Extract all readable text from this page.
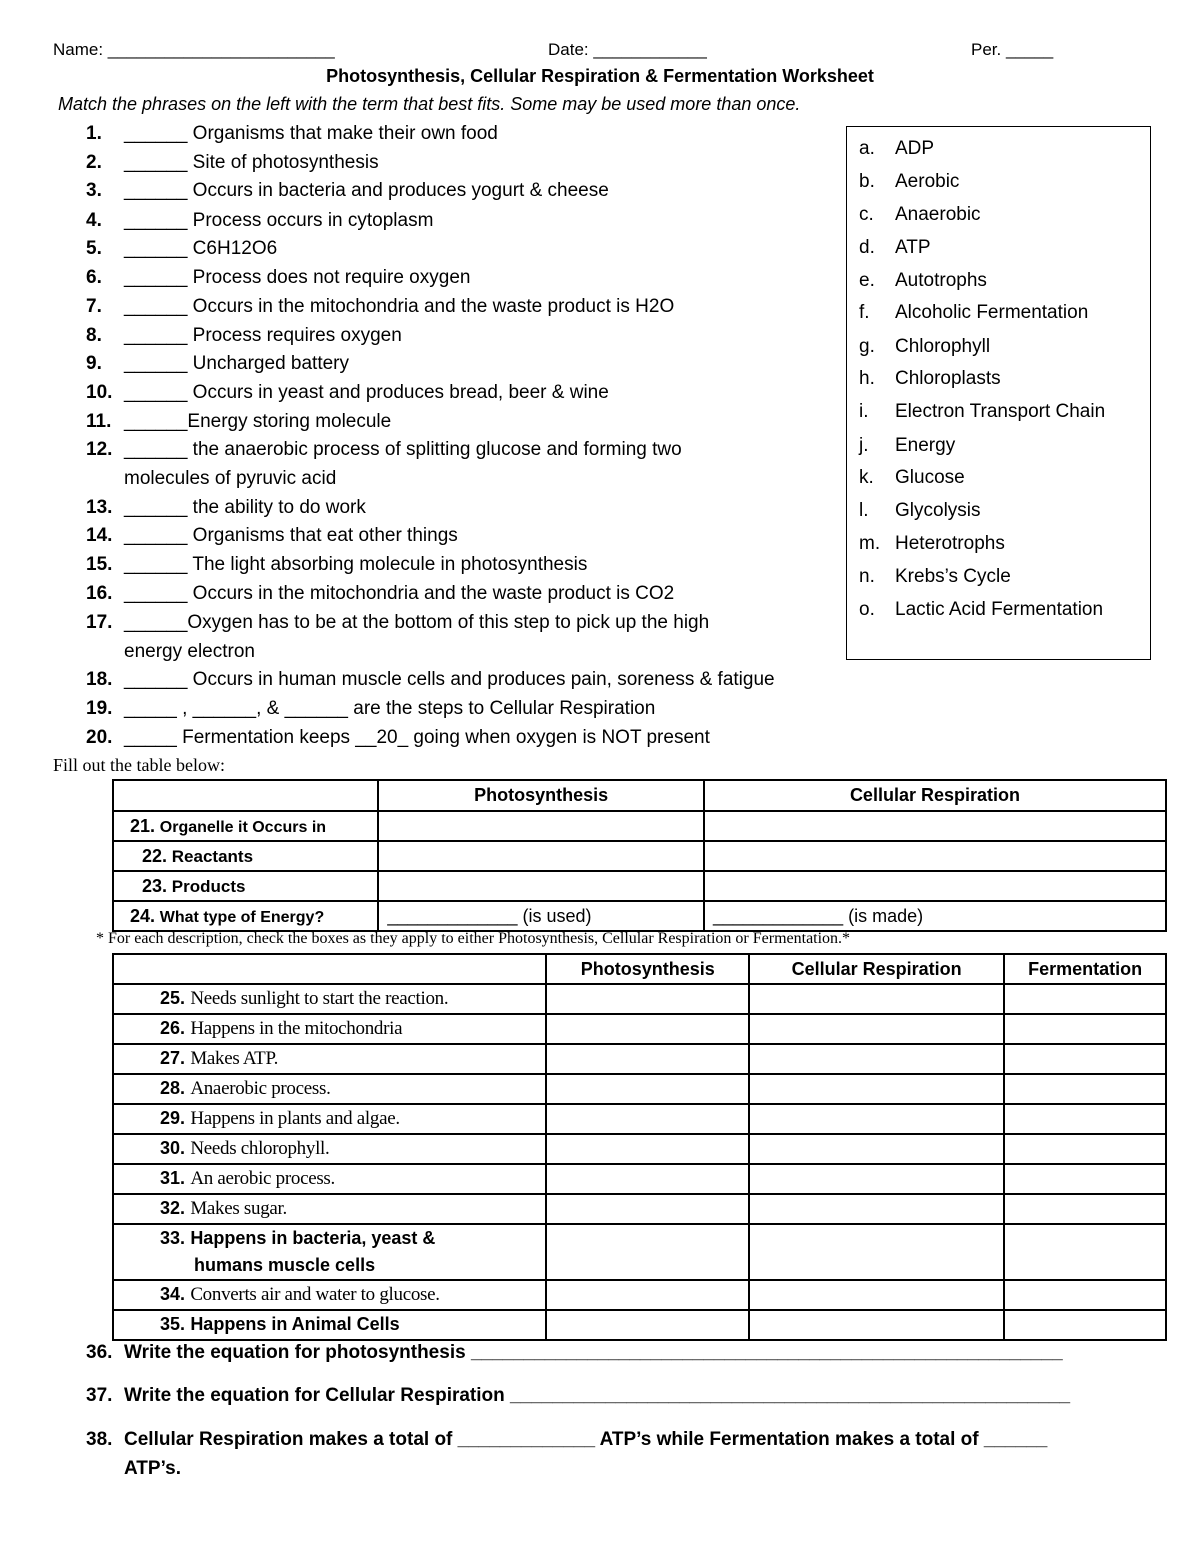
Name: ________________________	Date: ____________	Per. _____
Photosynthesis, Cellular Respiration & Fermentation Worksheet
Match the phrases on the left with the term that best fits. Some may be used more than once.
1.	______ Organisms that make their own food
2.	______ Site of photosynthesis
3.	______ Occurs in bacteria and produces yogurt & cheese
4.	______ Process occurs in cytoplasm
5.	______ C6H12O6
6.	______ Process does not require oxygen
7.	______ Occurs in the mitochondria and the waste product is H2O
8.	______ Process requires oxygen
9.	______ Uncharged battery
10. ______ Occurs in yeast and produces bread, beer & wine
11. ______Energy storing molecule
12. ______ the anaerobic process of splitting glucose and forming two
molecules of pyruvic acid
13. ______ the ability to do work
14. ______ Organisms that eat other things
15. ______ The light absorbing molecule in photosynthesis
16. ______ Occurs in the mitochondria and the waste product is CO2
17. ______Oxygen has to be at the bottom of this step to pick up the high
energy electron
18. ______ Occurs in human muscle cells and produces pain, soreness & fatigue
19. _____ , ______, & ______ are the steps to Cellular Respiration
20. _____ Fermentation keeps __20_ going when oxygen is NOT present
a. ADP
b. Aerobic
c. Anaerobic
d. ATP
e. Autotrophs
f. Alcoholic Fermentation
g. Chlorophyll
h. Chloroplasts
i. Electron Transport Chain
j. Energy
k. Glucose
l. Glycolysis
m. Heterotrophs
n. Krebs’s Cycle
o. Lactic Acid Fermentation
Fill out the table below:
	Photosynthesis	Cellular Respiration
21. Organelle it Occurs in		
22. Reactants		
23. Products		
24. What type of Energy?	_____________ (is used)	_____________ (is made)
* For each description, check the boxes as they apply to either Photosynthesis, Cellular Respiration or Fermentation.*
	Photosynthesis	Cellular Respiration	Fermentation
25. Needs sunlight to start the reaction.			
26. Happens in the mitochondria			
27. Makes ATP.			
28. Anaerobic process.			
29. Happens in plants and algae.			
30. Needs chlorophyll.			
31. An aerobic process.			
32. Makes sugar.			
33. Happens in bacteria, yeast &
humans muscle cells			
34. Converts air and water to glucose.			
35. Happens in Animal Cells			
36. Write the equation for photosynthesis ________________________________________________________
37. Write the equation for Cellular Respiration _____________________________________________________
38. Cellular Respiration makes a total of _____________ ATP’s while Fermentation makes a total of ______
ATP’s.
